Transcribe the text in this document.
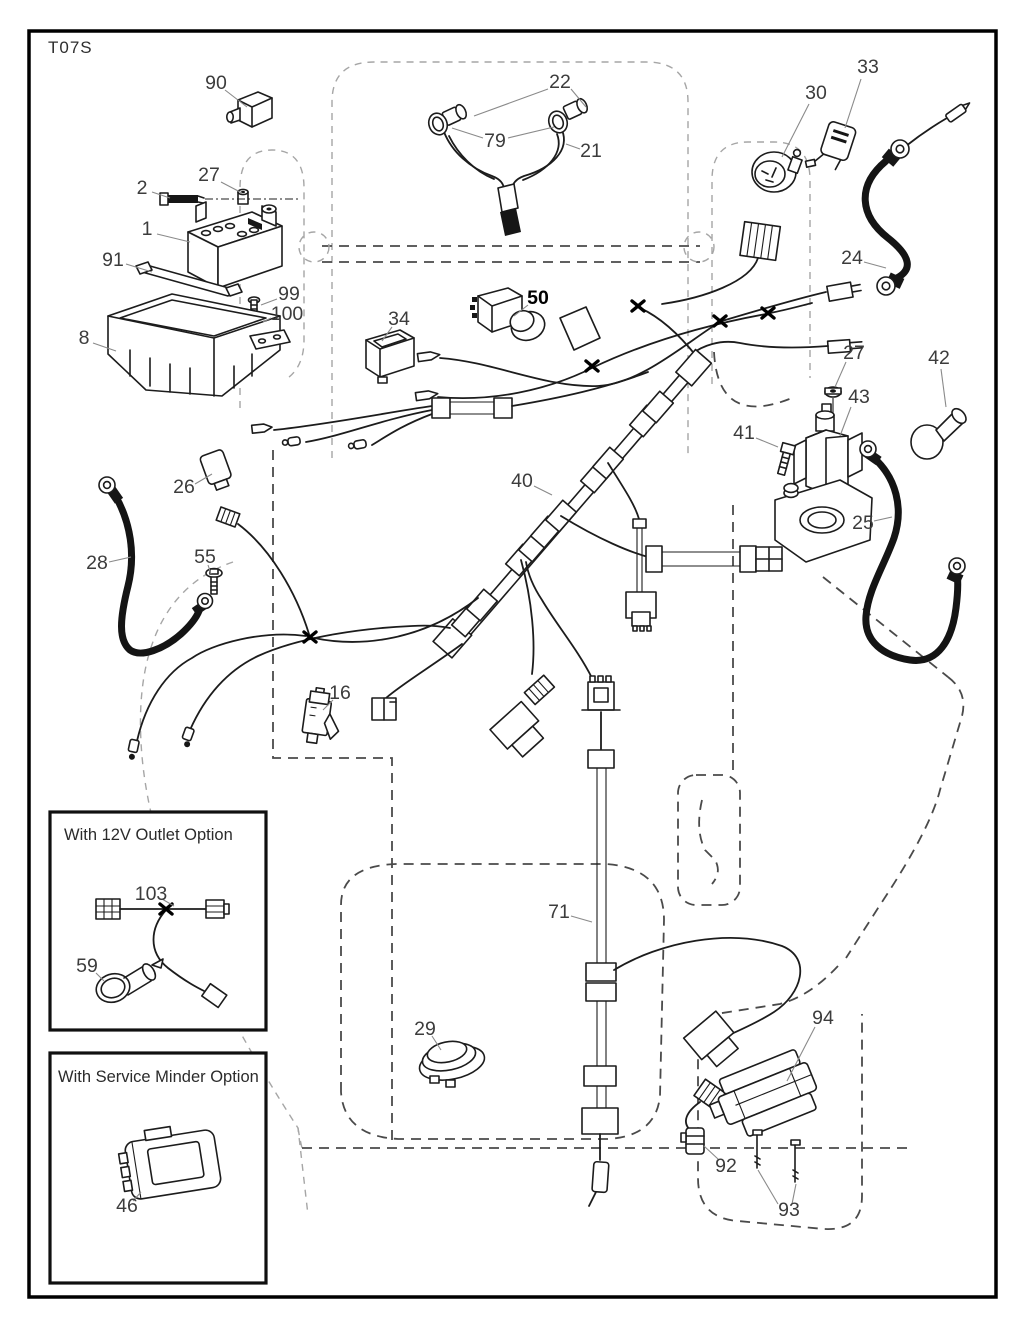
T07S
With 12V Outlet Option
With Service Minder Option
90
2
27
1
91
99
100
8
22
79	21
30
33
24
50
34
27	42
43
41
40
25
26
28	55
16
103
59
71
29	94
92
93
46
